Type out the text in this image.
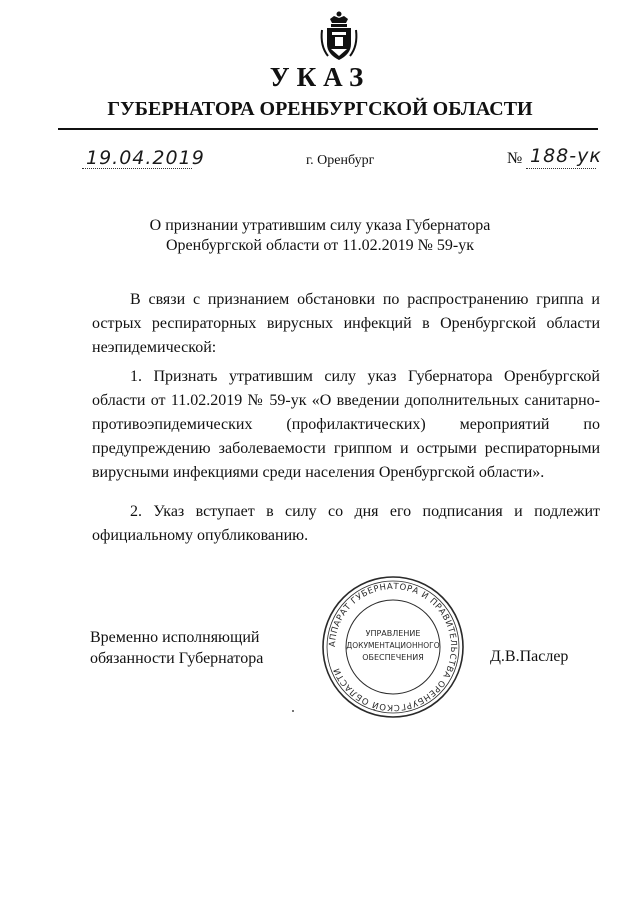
УКАЗ
ГУБЕРНАТОРА ОРЕНБУРГСКОЙ ОБЛАСТИ
19.04.2019	г. Оренбург	№ 188-ук
О признании утратившим силу указа Губернатора
Оренбургской области от 11.02.2019 № 59-ук

В связи с признанием обстановки по распространению гриппа и острых респираторных вирусных инфекций в Оренбургской области неэпидемической:

1. Признать утратившим силу указ Губернатора Оренбургской области от 11.02.2019 № 59-ук «О введении дополнительных санитарно-противоэпидемических (профилактических) мероприятий по предупреждению заболеваемости гриппом и острыми респираторными вирусными инфекциями среди населения Оренбургской области».

2. Указ вступает в силу со дня его подписания и подлежит официальному опубликованию.

Временно исполняющий
обязанности Губернатора	Д.В.Паслер
АППАРАТ ГУБЕРНАТОРА И ПРАВИТЕЛЬСТВА ОРЕНБУРГСКОЙ ОБЛАСТИ
УПРАВЛЕНИЕ
ДОКУМЕНТАЦИОННОГО
ОБЕСПЕЧЕНИЯ
